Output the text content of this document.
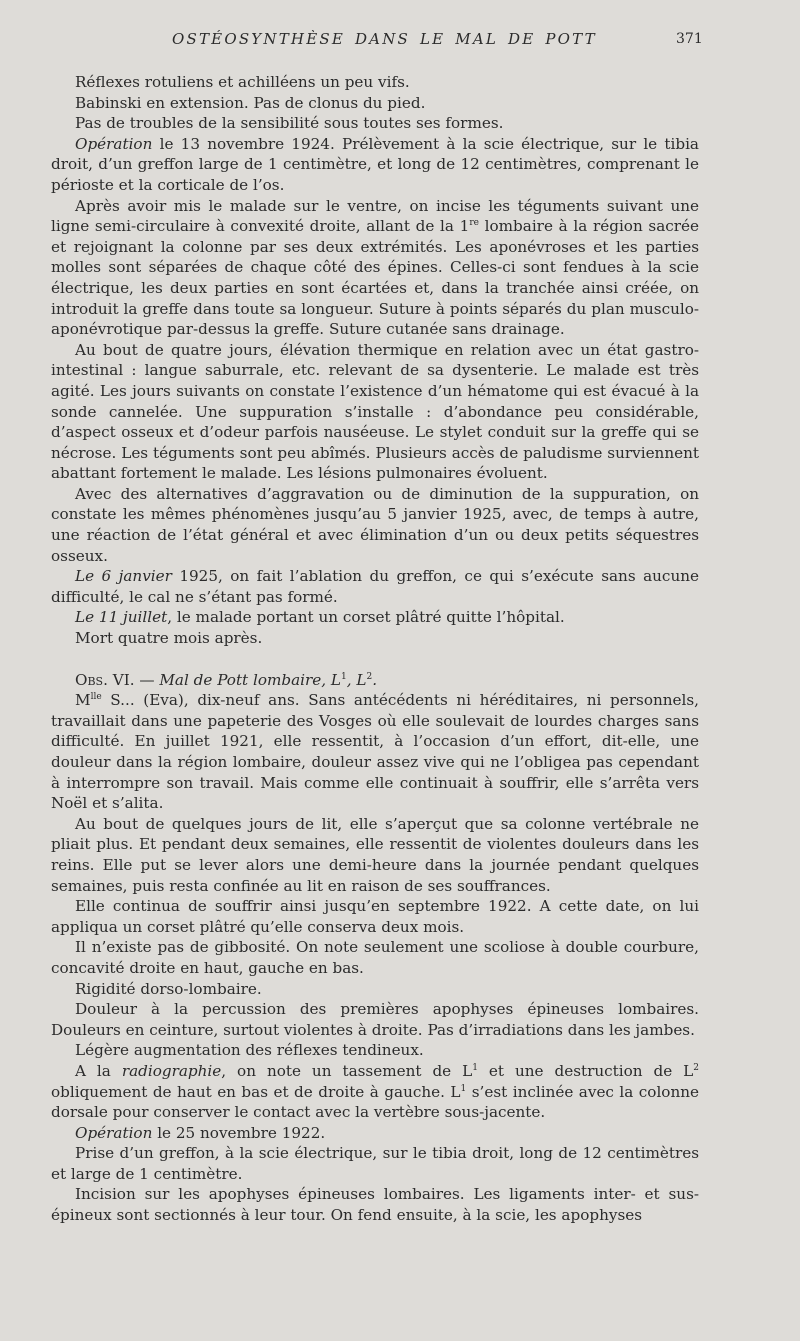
OSTÉOSYNTHÈSE DANS LE MAL DE POTT	371

Réflexes rotuliens et achilléens un peu vifs.

Babinski en extension. Pas de clonus du pied.

Pas de troubles de la sensibilité sous toutes ses formes.

Opération le 13 novembre 1924. Prélèvement à la scie électrique, sur le tibia droit, d’un greffon large de 1 centimètre, et long de 12 centimètres, comprenant le périoste et la corticale de l’os.

Après avoir mis le malade sur le ventre, on incise les téguments suivant une ligne semi-circulaire à convexité droite, allant de la 1re lombaire à la région sacrée et rejoignant la colonne par ses deux extrémités. Les aponévroses et les parties molles sont séparées de chaque côté des épines. Celles-ci sont fendues à la scie électrique, les deux parties en sont écartées et, dans la tranchée ainsi créée, on introduit la greffe dans toute sa longueur. Suture à points séparés du plan musculo-aponévrotique par-dessus la greffe. Suture cutanée sans drainage.

Au bout de quatre jours, élévation thermique en relation avec un état gastro-intestinal : langue saburrale, etc. relevant de sa dysenterie. Le malade est très agité. Les jours suivants on constate l’existence d’un hématome qui est évacué à la sonde cannelée. Une suppuration s’installe : d’abondance peu considérable, d’aspect osseux et d’odeur parfois nauséeuse. Le stylet conduit sur la greffe qui se nécrose. Les téguments sont peu abîmés. Plusieurs accès de paludisme surviennent abattant fortement le malade. Les lésions pulmonaires évoluent.

Avec des alternatives d’aggravation ou de diminution de la suppuration, on constate les mêmes phénomènes jusqu’au 5 janvier 1925, avec, de temps à autre, une réaction de l’état général et avec élimination d’un ou deux petits séquestres osseux.

Le 6 janvier 1925, on fait l’ablation du greffon, ce qui s’exécute sans aucune difficulté, le cal ne s’étant pas formé.

Le 11 juillet, le malade portant un corset plâtré quitte l’hôpital.

Mort quatre mois après.

Obs. VI. — Mal de Pott lombaire, $L^1$, $L^2$.

$M^{lle}$ S... (Eva), dix-neuf ans. Sans antécédents ni héréditaires, ni personnels, travaillait dans une papeterie des Vosges où elle soulevait de lourdes charges sans difficulté. En juillet 1921, elle ressentit, à l’occasion d’un effort, dit-elle, une douleur dans la région lombaire, douleur assez vive qui ne l’obligea pas cependant à interrompre son travail. Mais comme elle continuait à souffrir, elle s’arrêta vers Noël et s’alita.

Au bout de quelques jours de lit, elle s’aperçut que sa colonne vertébrale ne pliait plus. Et pendant deux semaines, elle ressentit de violentes douleurs dans les reins. Elle put se lever alors une demi-heure dans la journée pendant quelques semaines, puis resta confinée au lit en raison de ses souffrances.

Elle continua de souffrir ainsi jusqu’en septembre 1922. A cette date, on lui appliqua un corset plâtré qu’elle conserva deux mois.

Il n’existe pas de gibbosité. On note seulement une scoliose à double courbure, concavité droite en haut, gauche en bas.

Rigidité dorso-lombaire.

Douleur à la percussion des premières apophyses épineuses lombaires. Douleurs en ceinture, surtout violentes à droite. Pas d’irradiations dans les jambes.

Légère augmentation des réflexes tendineux.

A la radiographie, on note un tassement de $L^1$ et une destruction de $L^2$ obliquement de haut en bas et de droite à gauche. $L^1$ s’est inclinée avec la colonne dorsale pour conserver le contact avec la vertèbre sous-jacente.

Opération le 25 novembre 1922.

Prise d’un greffon, à la scie électrique, sur le tibia droit, long de 12 centimètres et large de 1 centimètre.

Incision sur les apophyses épineuses lombaires. Les ligaments inter- et sus-épineux sont sectionnés à leur tour. On fend ensuite, à la scie, les apophyses
